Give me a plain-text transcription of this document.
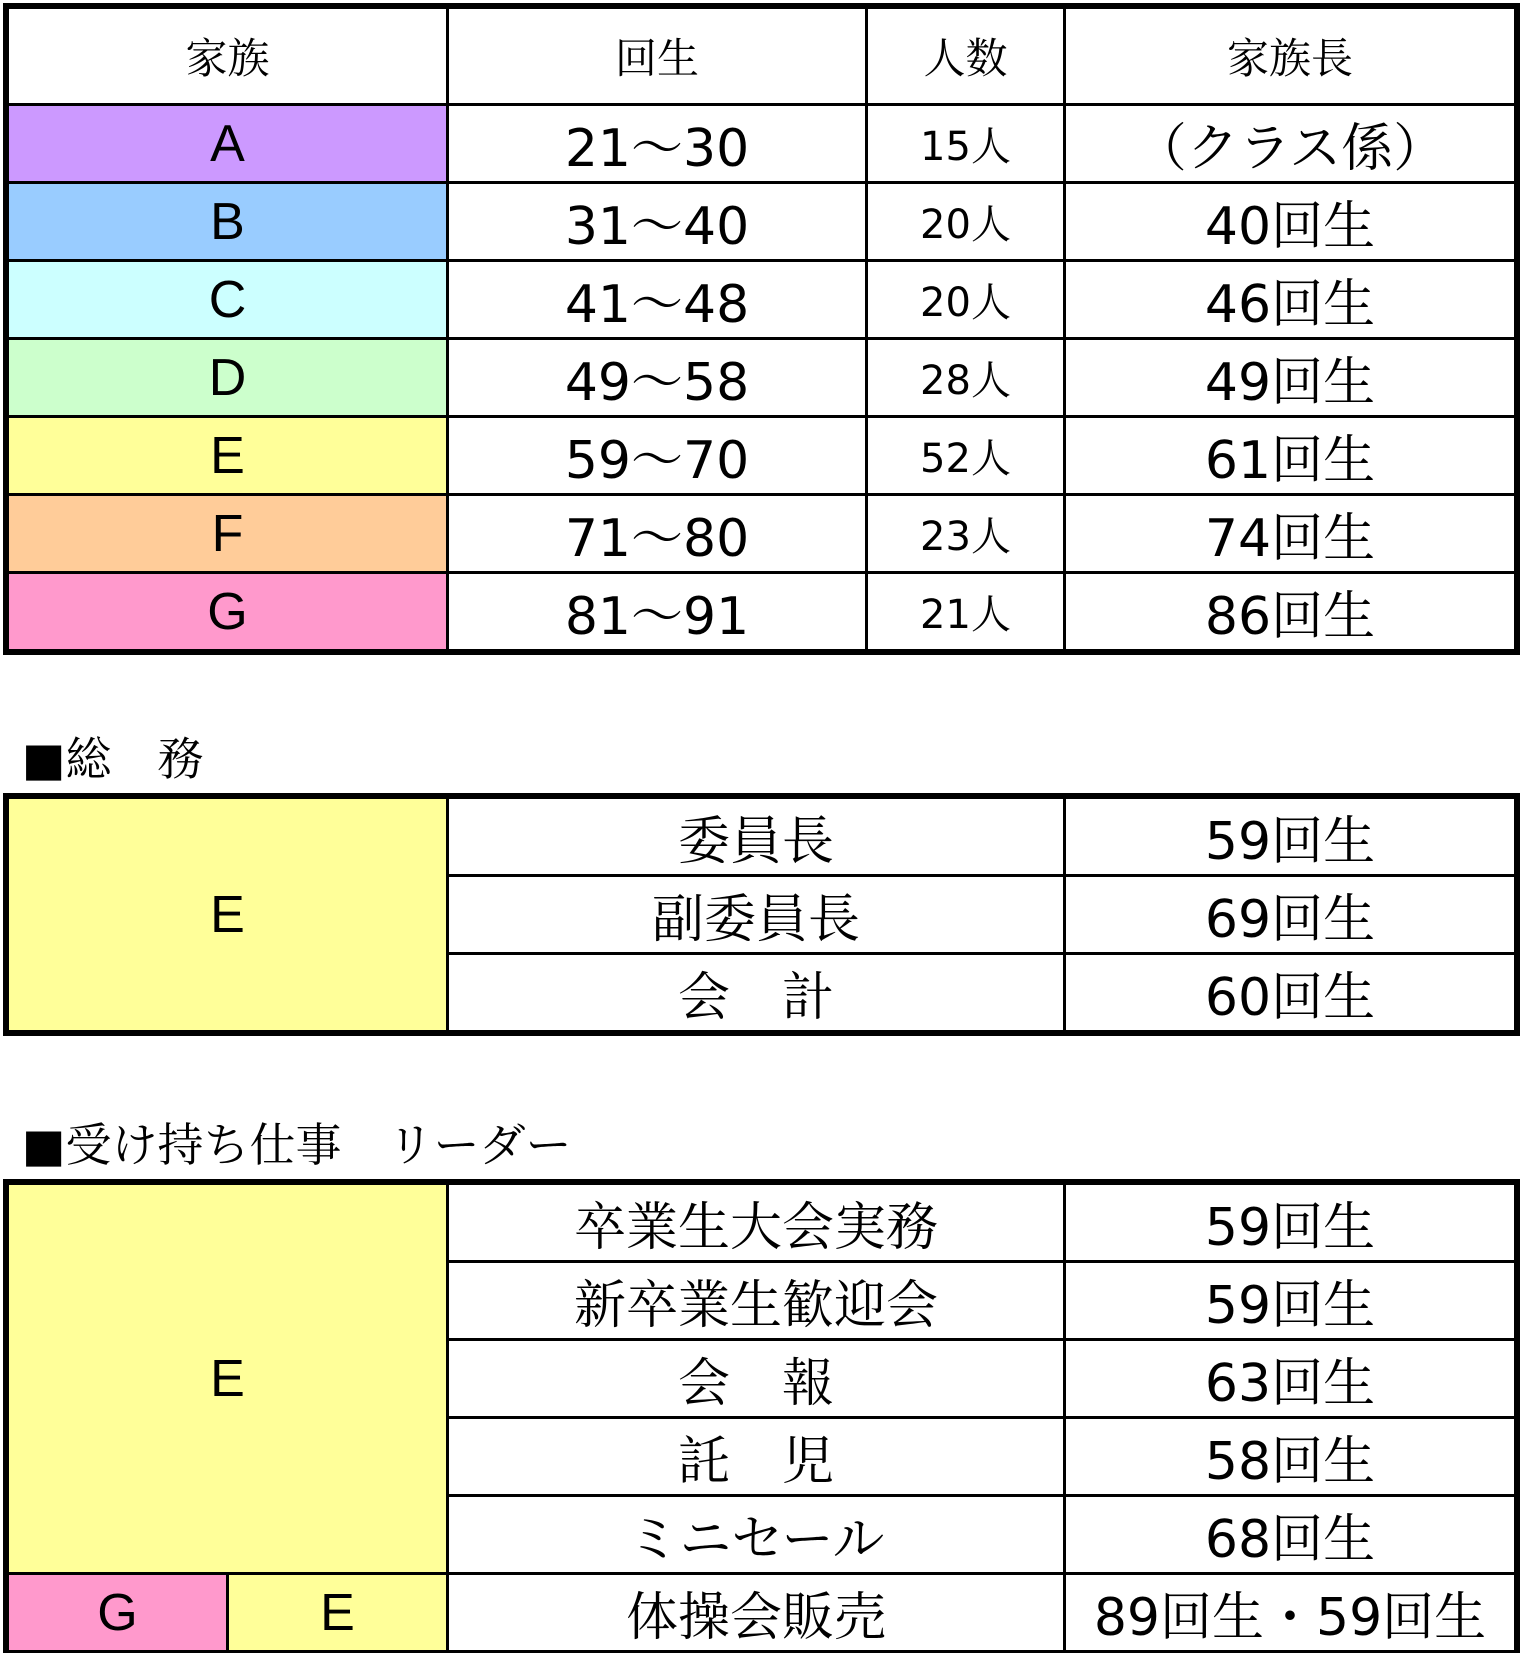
家族	回生	人数	家族長
A	21〜30	15人	（クラス係）
B	31〜40	20人	40回生
C	41〜48	20人	46回生
D	49〜58	28人	49回生
E	59〜70	52人	61回生
F	71〜80	23人	74回生
G	81〜91	21人	86回生
■総　務
E	委員長	59回生
	副委員長	69回生
	会　計	60回生
■受け持ち仕事　リーダー
E		卒業生大会実務	59回生
		新卒業生歓迎会	59回生
		会　報	63回生
		託　児	58回生
		ミニセール	68回生
G	E	体操会販売	89回生・59回生
